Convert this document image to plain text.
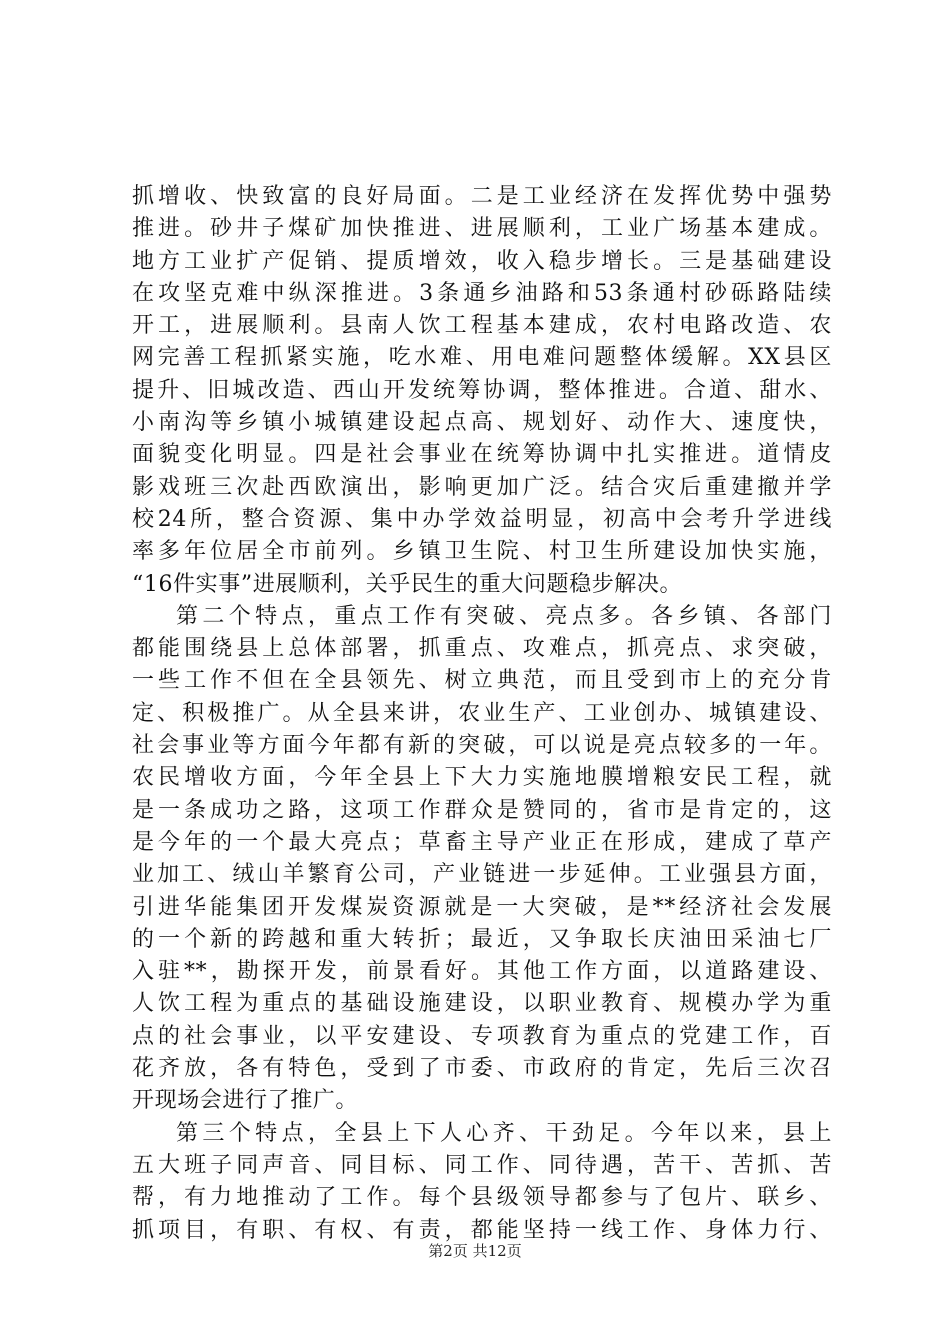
抓增收、快致富的良好局面。二是工业经济在发挥优势中强势
推进。砂井子煤矿加快推进、进展顺利，工业广场基本建成。
地方工业扩产促销、提质增效，收入稳步增长。三是基础建设
在攻坚克难中纵深推进。3条通乡油路和53条通村砂砾路陆续
开工，进展顺利。县南人饮工程基本建成，农村电路改造、农
网完善工程抓紧实施，吃水难、用电难问题整体缓解。XX县区
提升、旧城改造、西山开发统筹协调，整体推进。合道、甜水、
小南沟等乡镇小城镇建设起点高、规划好、动作大、速度快，
面貌变化明显。四是社会事业在统筹协调中扎实推进。道情皮
影戏班三次赴西欧演出，影响更加广泛。结合灾后重建撤并学
校24所，整合资源、集中办学效益明显，初高中会考升学进线
率多年位居全市前列。乡镇卫生院、村卫生所建设加快实施，
“16件实事”进展顺利，关乎民生的重大问题稳步解决。
第二个特点，重点工作有突破、亮点多。各乡镇、各部门
都能围绕县上总体部署，抓重点、攻难点，抓亮点、求突破，
一些工作不但在全县领先、树立典范，而且受到市上的充分肯
定、积极推广。从全县来讲，农业生产、工业创办、城镇建设、
社会事业等方面今年都有新的突破，可以说是亮点较多的一年。
农民增收方面，今年全县上下大力实施地膜增粮安民工程，就
是一条成功之路，这项工作群众是赞同的，省市是肯定的，这
是今年的一个最大亮点；草畜主导产业正在形成，建成了草产
业加工、绒山羊繁育公司，产业链进一步延伸。工业强县方面，
引进华能集团开发煤炭资源就是一大突破，是**经济社会发展
的一个新的跨越和重大转折；最近，又争取长庆油田采油七厂
入驻**，勘探开发，前景看好。其他工作方面，以道路建设、
人饮工程为重点的基础设施建设，以职业教育、规模办学为重
点的社会事业，以平安建设、专项教育为重点的党建工作，百
花齐放，各有特色，受到了市委、市政府的肯定，先后三次召
开现场会进行了推广。
第三个特点，全县上下人心齐、干劲足。今年以来，县上
五大班子同声音、同目标、同工作、同待遇，苦干、苦抓、苦
帮，有力地推动了工作。每个县级领导都参与了包片、联乡、
抓项目，有职、有权、有责，都能坚持一线工作、身体力行、
第2页 共12页
